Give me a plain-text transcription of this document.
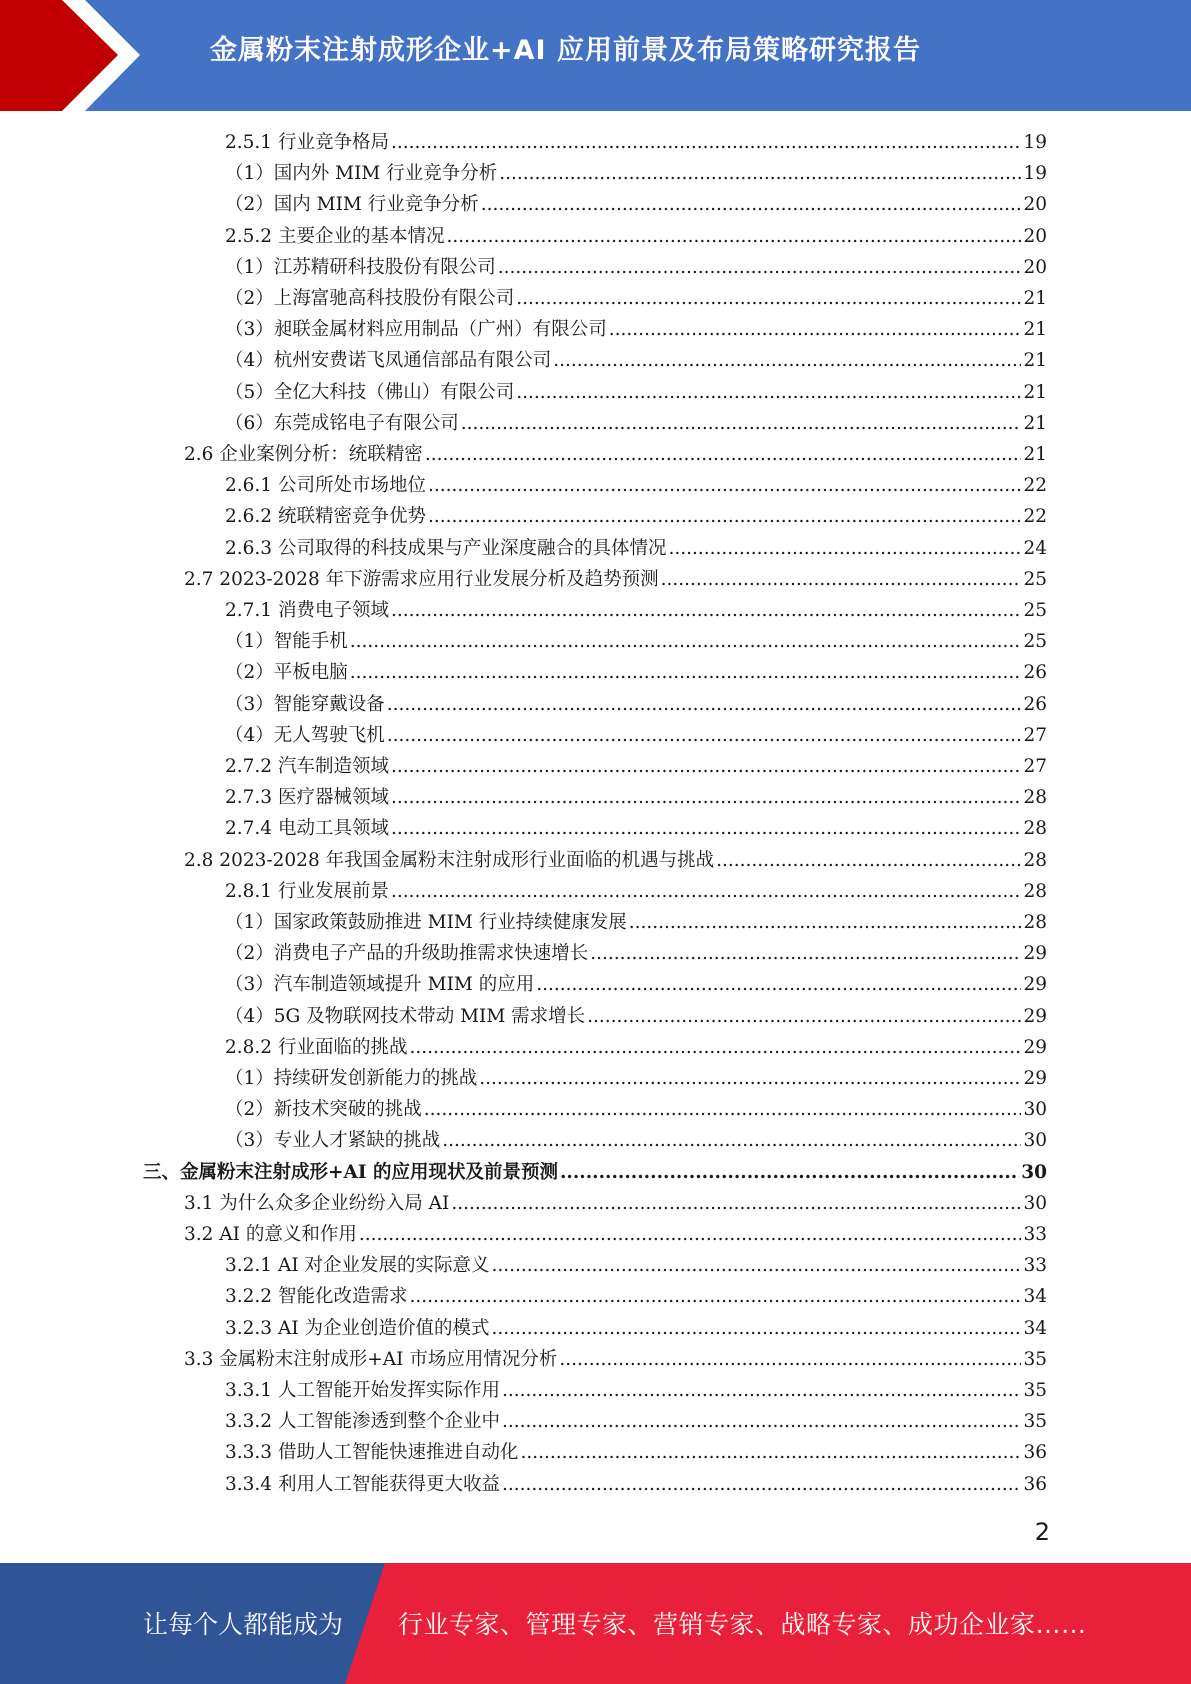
金属粉末注射成形企业+AI 应用前景及布局策略研究报告
2.5.1 行业竞争格局 .....	19
（1）国内外 MIM 行业竞争分析 .....	19
（2）国内 MIM 行业竞争分析 .....	20
2.5.2 主要企业的基本情况 .....	20
（1）江苏精研科技股份有限公司 .....	20
（2）上海富驰高科技股份有限公司 .....	21
（3）昶联金属材料应用制品（广州）有限公司 .....	21
（4）杭州安费诺飞凤通信部品有限公司 .....	21
（5）全亿大科技（佛山）有限公司 .....	21
（6）东莞成铭电子有限公司 .....	21
2.6 企业案例分析：统联精密 .....	21
2.6.1 公司所处市场地位 .....	22
2.6.2 统联精密竞争优势 .....	22
2.6.3 公司取得的科技成果与产业深度融合的具体情况 .....	24
2.7 2023-2028 年下游需求应用行业发展分析及趋势预测 .....	25
2.7.1 消费电子领域 .....	25
（1）智能手机 .....	25
（2）平板电脑 .....	26
（3）智能穿戴设备 .....	26
（4）无人驾驶飞机 .....	27
2.7.2 汽车制造领域 .....	27
2.7.3 医疗器械领域 .....	28
2.7.4 电动工具领域 .....	28
2.8 2023-2028 年我国金属粉末注射成形行业面临的机遇与挑战 .....	28
2.8.1 行业发展前景 .....	28
（1）国家政策鼓励推进 MIM 行业持续健康发展 .....	28
（2）消费电子产品的升级助推需求快速增长 .....	29
（3）汽车制造领域提升 MIM 的应用 .....	29
（4）5G 及物联网技术带动 MIM 需求增长 .....	29
2.8.2 行业面临的挑战 .....	29
（1）持续研发创新能力的挑战 .....	29
（2）新技术突破的挑战 .....	30
（3）专业人才紧缺的挑战 .....	30
三、金属粉末注射成形+AI 的应用现状及前景预测 .....	30
3.1 为什么众多企业纷纷入局 AI .....	30
3.2 AI 的意义和作用 .....	33
3.2.1 AI 对企业发展的实际意义 .....	33
3.2.2 智能化改造需求 .....	34
3.2.3 AI 为企业创造价值的模式 .....	34
3.3 金属粉末注射成形+AI 市场应用情况分析 .....	35
3.3.1 人工智能开始发挥实际作用 .....	35
3.3.2 人工智能渗透到整个企业中 .....	35
3.3.3 借助人工智能快速推进自动化 .....	36
3.3.4 利用人工智能获得更大收益 .....	36
2
让每个人都能成为 行业专家、管理专家、营销专家、战略专家、成功企业家……
